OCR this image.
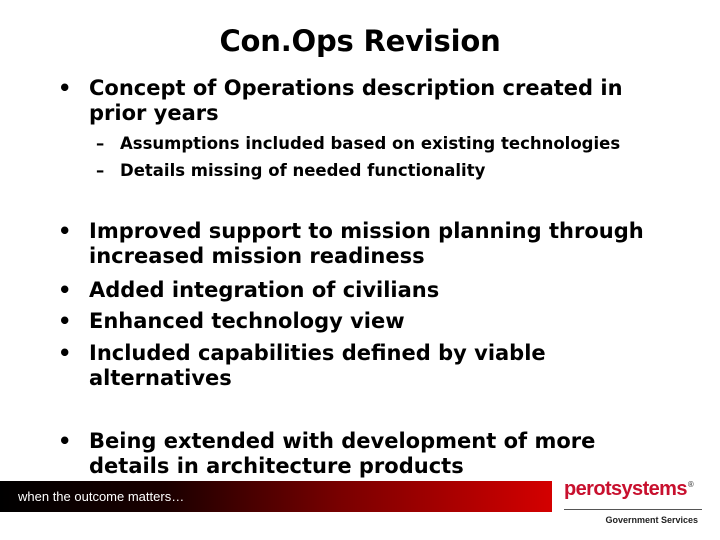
Con.Ops Revision
• Concept of Operations description created in prior years
– Assumptions included based on existing technologies
– Details missing of needed functionality
• Improved support to mission planning through increased mission readiness
• Added integration of civilians
• Enhanced technology view
• Included capabilities defined by viable alternatives
• Being extended with development of more details in architecture products
when the outcome matters…	perotsystems®
Government Services
